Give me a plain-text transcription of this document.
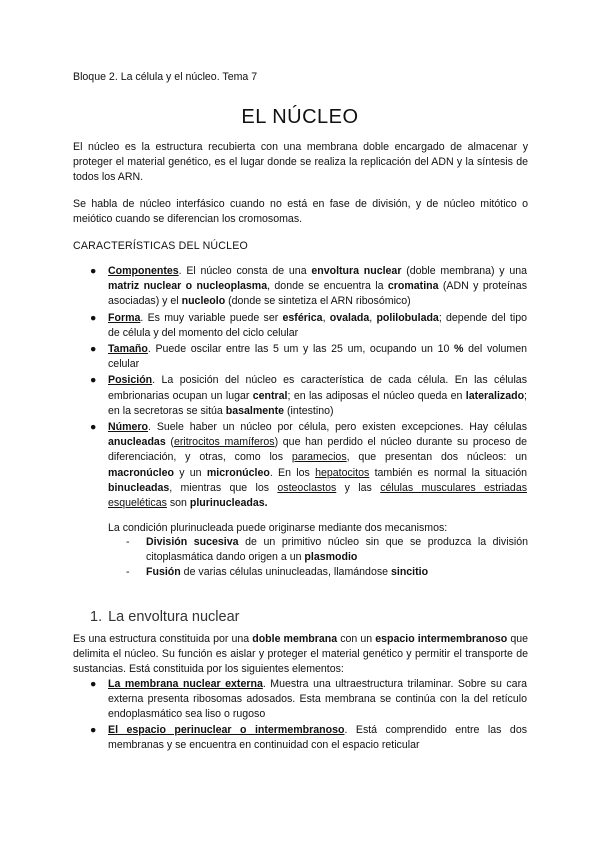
Bloque 2. La célula y el núcleo. Tema 7
EL NÚCLEO

El núcleo es la estructura recubierta con una membrana doble encargado de almacenar y proteger el material genético, es el lugar donde se realiza la replicación del ADN y la síntesis de todos los ARN.

Se habla de núcleo interfásico cuando no está en fase de división, y de núcleo mitótico o meiótico cuando se diferencian los cromosomas.

CARACTERÍSTICAS DEL NÚCLEO
● Componentes. El núcleo consta de una envoltura nuclear (doble membrana) y una matriz nuclear o nucleoplasma, donde se encuentra la cromatina (ADN y proteínas asociadas) y el nucleolo (donde se sintetiza el ARN ribosómico)
● Forma. Es muy variable puede ser esférica, ovalada, polilobulada; depende del tipo de célula y del momento del ciclo celular
● Tamaño. Puede oscilar entre las 5 um y las 25 um, ocupando un 10 % del volumen celular
● Posición. La posición del núcleo es característica de cada célula. En las células embrionarias ocupan un lugar central; en las adiposas el núcleo queda en lateralizado; en la secretoras se sitúa basalmente (intestino)
● Número. Suele haber un núcleo por célula, pero existen excepciones. Hay células anucleadas (eritrocitos mamíferos) que han perdido el núcleo durante su proceso de diferenciación, y otras, como los paramecios, que presentan dos núcleos: un macronúcleo y un micronúcleo. En los hepatocitos también es normal la situación binucleadas, mientras que los osteoclastos y las células musculares estriadas esqueléticas son plurinucleadas.
La condición plurinucleada puede originarse mediante dos mecanismos:
- División sucesiva de un primitivo núcleo sin que se produzca la división citoplasmática dando origen a un plasmodio
- Fusión de varias células uninucleadas, llamándose sincitio
1. La envoltura nuclear

Es una estructura constituida por una doble membrana con un espacio intermembranoso que delimita el núcleo. Su función es aislar y proteger el material genético y permitir el transporte de sustancias. Está constituida por los siguientes elementos:

● La membrana nuclear externa. Muestra una ultraestructura trilaminar. Sobre su cara externa presenta ribosomas adosados. Esta membrana se continúa con la del retículo endoplasmático sea liso o rugoso
● El espacio perinuclear o intermembranoso. Está comprendido entre las dos membranas y se encuentra en continuidad con el espacio reticular
